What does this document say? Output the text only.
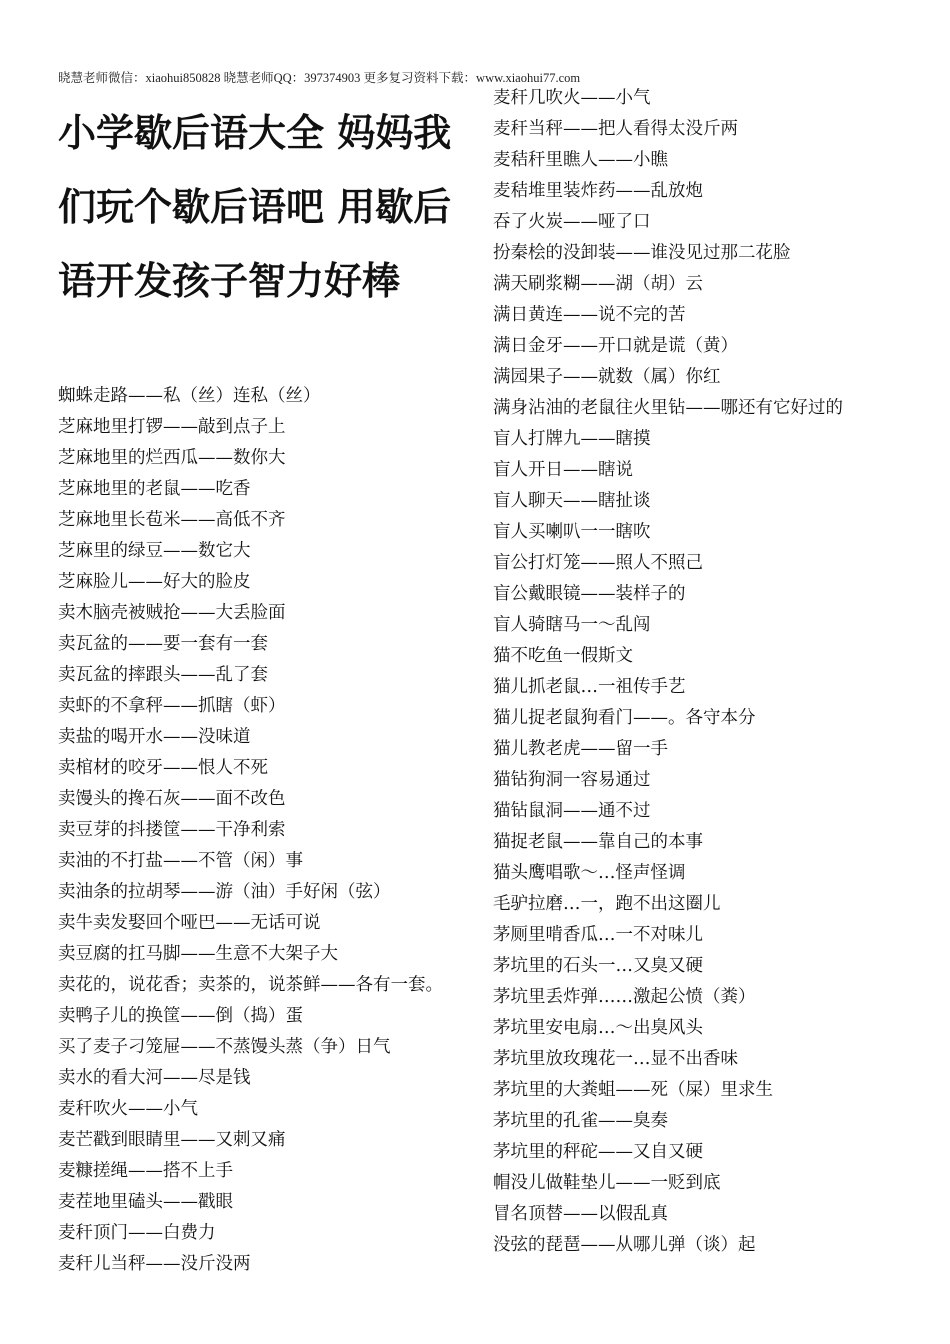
晓慧老师微信：xiaohui850828 晓慧老师QQ：397374903 更多复习资料下载：www.xiaohui77.com
小学歇后语大全 妈妈我们玩个歇后语吧 用歇后语开发孩子智力好棒
蜘蛛走路——私（丝）连私（丝）
芝麻地里打锣——敲到点子上
芝麻地里的烂西瓜——数你大
芝麻地里的老鼠——吃香
芝麻地里长苞米——高低不齐
芝麻里的绿豆——数它大
芝麻脸儿——好大的脸皮
卖木脑壳被贼抢——大丢脸面
卖瓦盆的——要一套有一套
卖瓦盆的摔跟头——乱了套
卖虾的不拿秤——抓瞎（虾）
卖盐的喝开水——没味道
卖棺材的咬牙——恨人不死
卖馒头的搀石灰——面不改色
卖豆芽的抖搂筐——干净利索
卖油的不打盐——不管（闲）事
卖油条的拉胡琴——游（油）手好闲（弦）
卖牛卖发娶回个哑巴——无话可说
卖豆腐的扛马脚——生意不大架子大
卖花的，说花香；卖茶的，说茶鲜——各有一套。
卖鸭子儿的换筐——倒（捣）蛋
买了麦子刁笼屉——不蒸馒头蒸（争）日气
卖水的看大河——尽是钱
麦秆吹火——小气
麦芒戳到眼睛里——又刺又痛
麦糠搓绳——搭不上手
麦茬地里磕头——戳眼
麦秆顶门——白费力
麦秆儿当秤——没斤没两
麦秆几吹火——小气
麦秆当秤——把人看得太没斤两
麦秸秆里瞧人——小瞧
麦秸堆里装炸药——乱放炮
吞了火炭——哑了口
扮秦桧的没卸装——谁没见过那二花脸
满天刷浆糊——湖（胡）云
满日黄连——说不完的苦
满日金牙——开口就是谎（黄）
满园果子——就数（属）你红
满身沾油的老鼠往火里钻——哪还有它好过的
盲人打牌九——瞎摸
盲人开日——瞎说
盲人聊天——瞎扯谈
盲人买喇叭一一瞎吹
盲公打灯笼——照人不照己
盲公戴眼镜——装样子的
盲人骑瞎马一～乱闯
猫不吃鱼一假斯文
猫儿抓老鼠…一祖传手艺
猫儿捉老鼠狗看门——。各守本分
猫儿教老虎——留一手
猫钻狗洞一容易通过
猫钻鼠洞——通不过
猫捉老鼠——靠自己的本事
猫头鹰唱歌～…怪声怪调
毛驴拉磨…一，跑不出这圈儿
茅厕里啃香瓜…一不对味儿
茅坑里的石头一…又臭又硬
茅坑里丢炸弹……激起公愤（粪）
茅坑里安电扇…～出臭风头
茅坑里放玫瑰花一…显不出香味
茅坑里的大粪蛆——死（屎）里求生
茅坑里的孔雀——臭奏
茅坑里的秤砣——又自又硬
帽没儿做鞋垫儿——一贬到底
冒名顶替——以假乱真
没弦的琵琶——从哪儿弹（谈）起
